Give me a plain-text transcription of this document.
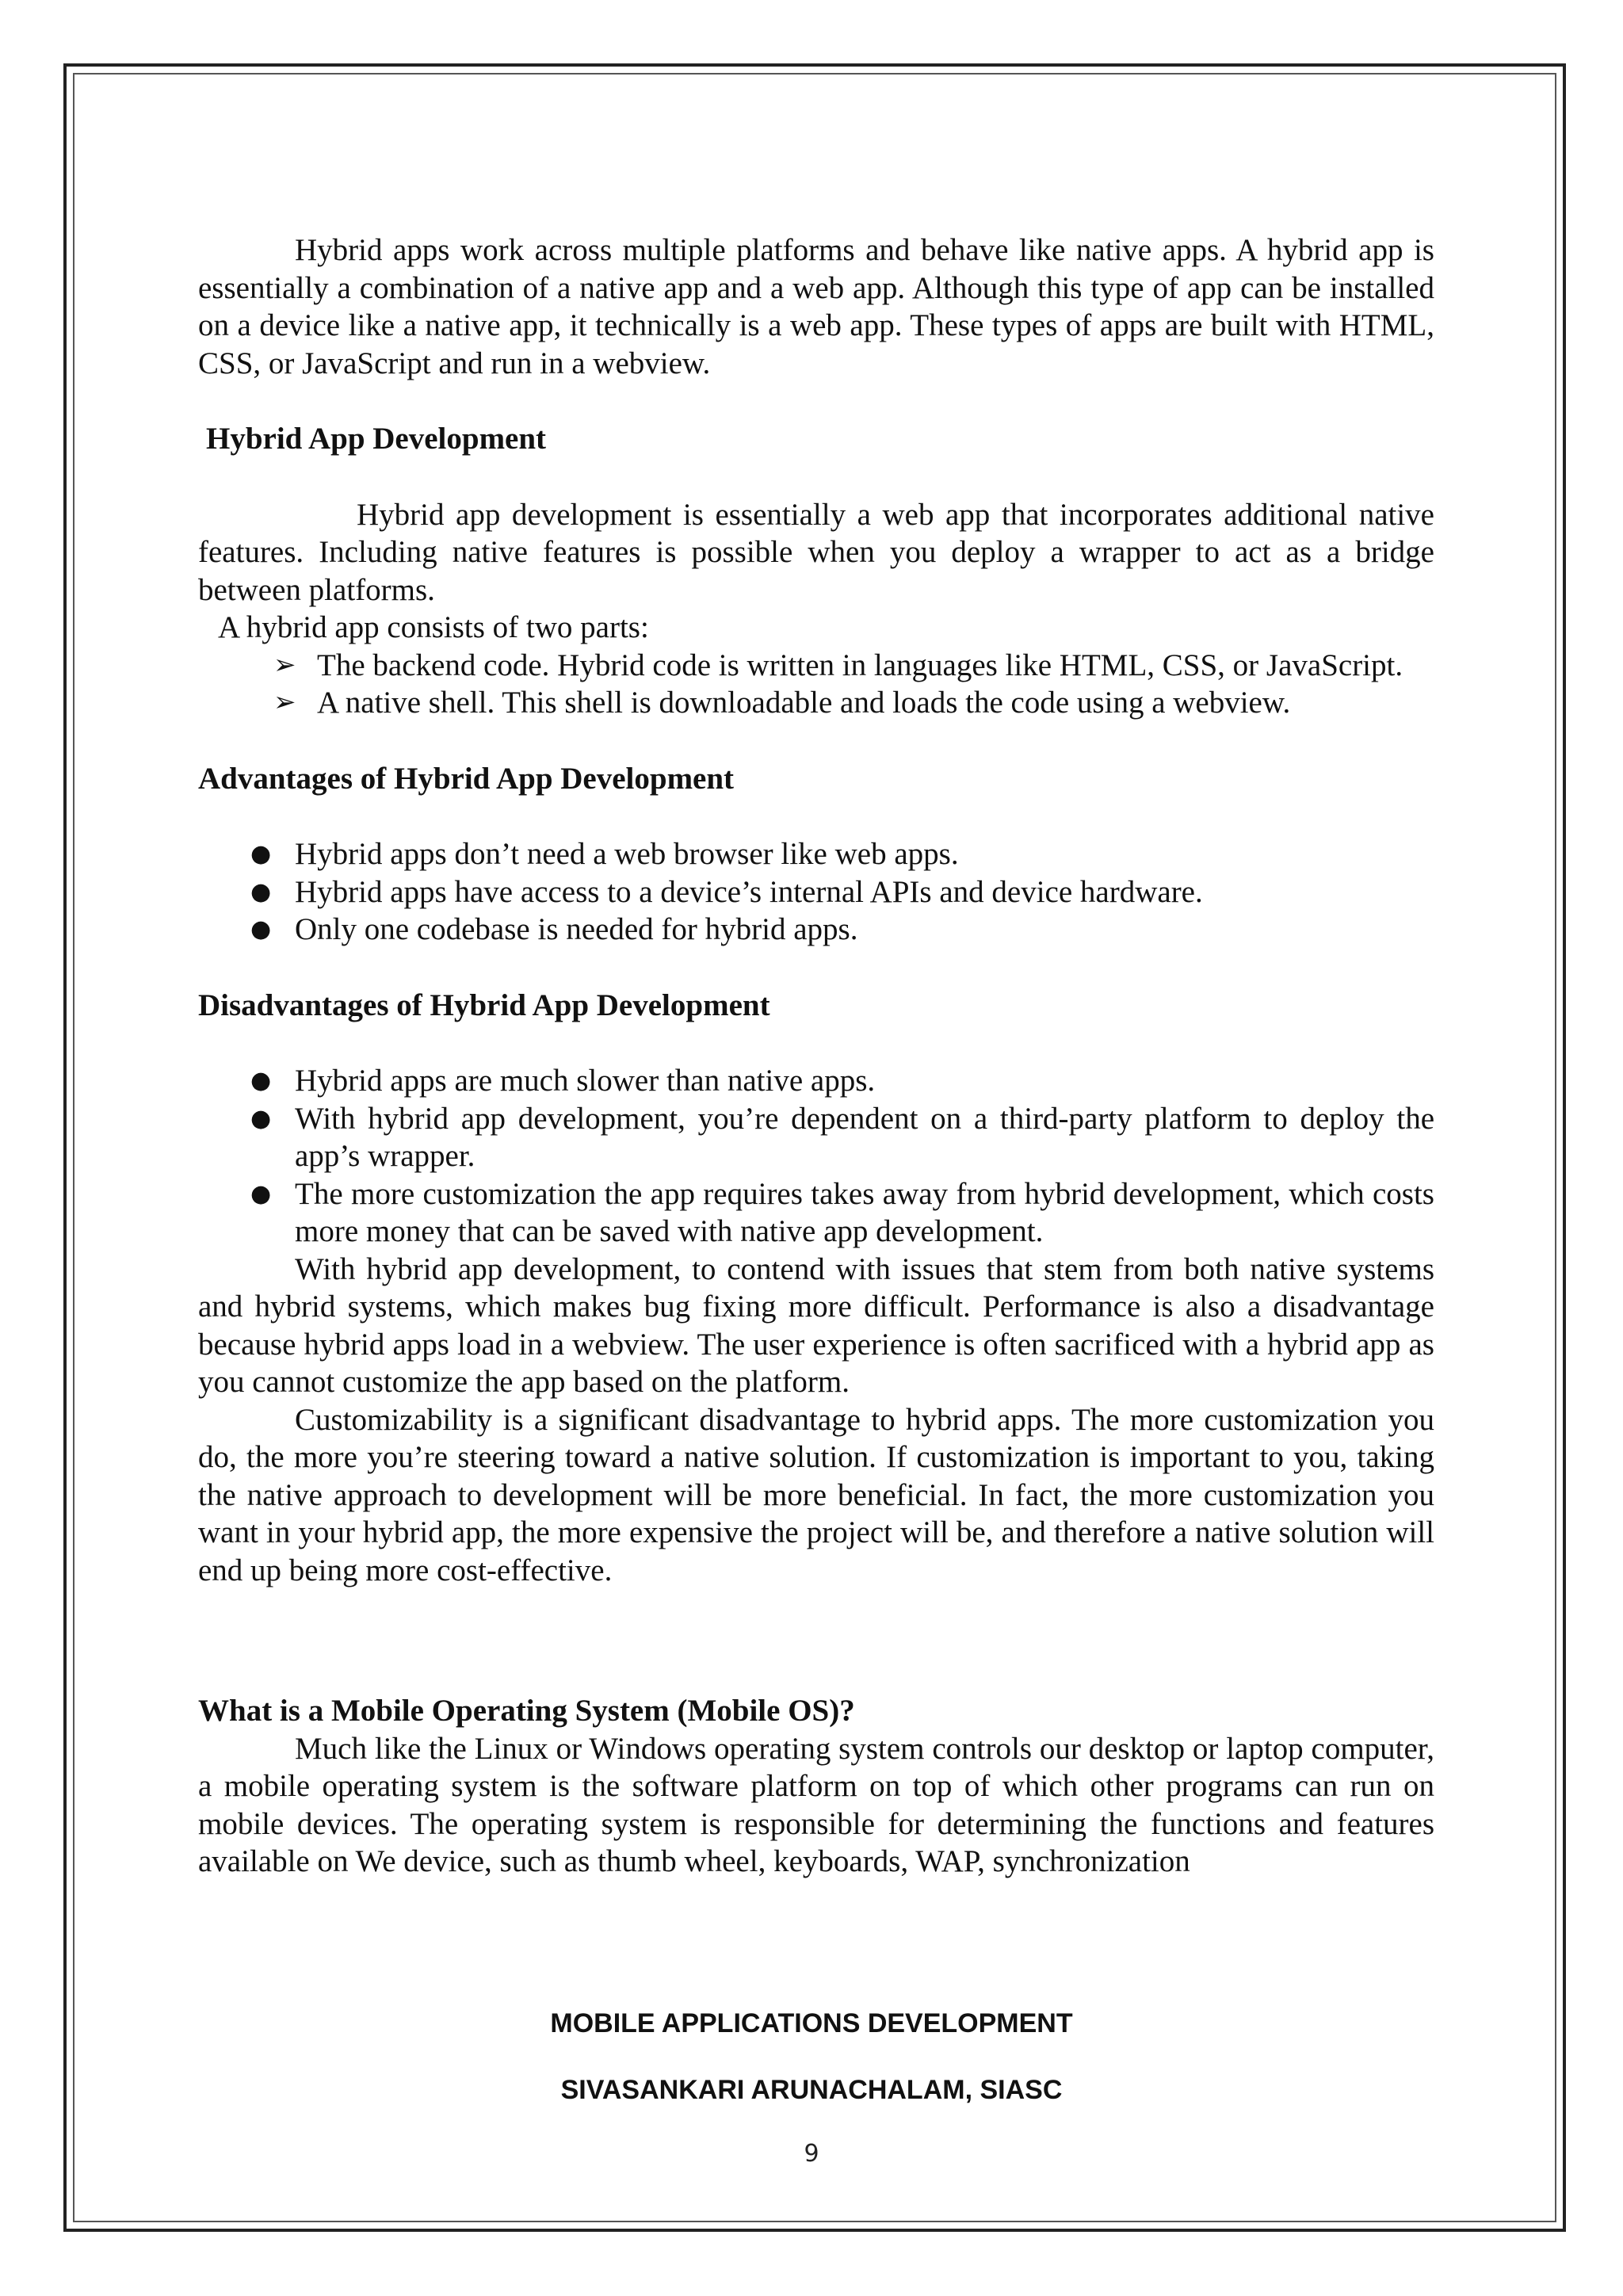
Hybrid apps work across multiple platforms and behave like native apps. A hybrid app is essentially a combination of a native app and a web app. Although this type of app can be installed on a device like a native app, it technically is a web app. These types of apps are built with HTML, CSS, or JavaScript and run in a webview.

Hybrid App Development

Hybrid app development is essentially a web app that incorporates additional native features. Including native features is possible when you deploy a wrapper to act as a bridge between platforms.

A hybrid app consists of two parts:

➢ The backend code. Hybrid code is written in languages like HTML, CSS, or JavaScript.
➢ A native shell. This shell is downloadable and loads the code using a webview.

Advantages of Hybrid App Development

● Hybrid apps don’t need a web browser like web apps.
● Hybrid apps have access to a device’s internal APIs and device hardware.
● Only one codebase is needed for hybrid apps.

Disadvantages of Hybrid App Development

● Hybrid apps are much slower than native apps.
● With hybrid app development, you’re dependent on a third-party platform to deploy the app’s wrapper.
● The more customization the app requires takes away from hybrid development, which costs more money that can be saved with native app development.

With hybrid app development, to contend with issues that stem from both native systems and hybrid systems, which makes bug fixing more difficult. Performance is also a disadvantage because hybrid apps load in a webview. The user experience is often sacrificed with a hybrid app as you cannot customize the app based on the platform.

Customizability is a significant disadvantage to hybrid apps. The more customization you do, the more you’re steering toward a native solution. If customization is important to you, taking the native approach to development will be more beneficial. In fact, the more customization you want in your hybrid app, the more expensive the project will be, and therefore a native solution will end up being more cost-effective.

What is a Mobile Operating System (Mobile OS)?

Much like the Linux or Windows operating system controls our desktop or laptop computer, a mobile operating system is the software platform on top of which other programs can run on mobile devices. The operating system is responsible for determining the functions and features available on We device, such as thumb wheel, keyboards, WAP, synchronization

MOBILE APPLICATIONS DEVELOPMENT
SIVASANKARI ARUNACHALAM, SIASC
9
